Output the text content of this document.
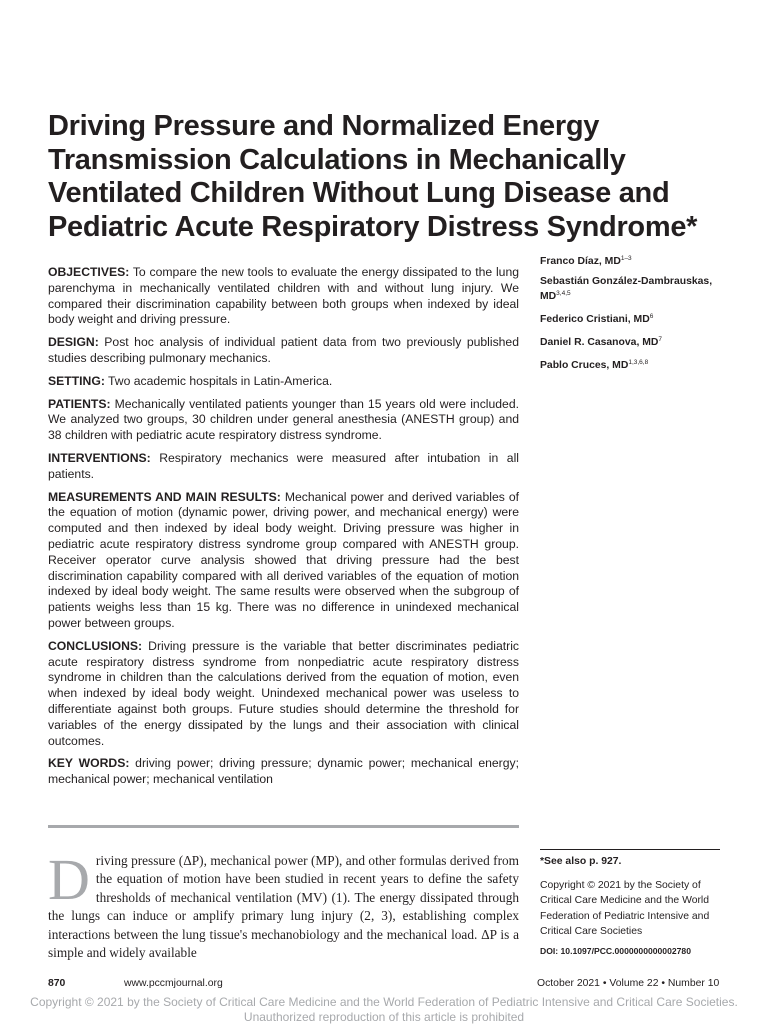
Driving Pressure and Normalized Energy Transmission Calculations in Mechanically Ventilated Children Without Lung Disease and Pediatric Acute Respiratory Distress Syndrome*

OBJECTIVES: To compare the new tools to evaluate the energy dissipated to the lung parenchyma in mechanically ventilated children with and without lung injury. We compared their discrimination capability between both groups when indexed by ideal body weight and driving pressure.

DESIGN: Post hoc analysis of individual patient data from two previously published studies describing pulmonary mechanics.

SETTING: Two academic hospitals in Latin-America.

PATIENTS: Mechanically ventilated patients younger than 15 years old were included. We analyzed two groups, 30 children under general anesthesia (ANESTH group) and 38 children with pediatric acute respiratory distress syndrome.

INTERVENTIONS: Respiratory mechanics were measured after intubation in all patients.

MEASUREMENTS AND MAIN RESULTS: Mechanical power and derived variables of the equation of motion (dynamic power, driving power, and mechanical energy) were computed and then indexed by ideal body weight. Driving pressure was higher in pediatric acute respiratory distress syndrome group compared with ANESTH group. Receiver operator curve analysis showed that driving pressure had the best discrimination capability compared with all derived variables of the equation of motion indexed by ideal body weight. The same results were observed when the subgroup of patients weighs less than 15 kg. There was no difference in unindexed mechanical power between groups.

CONCLUSIONS: Driving pressure is the variable that better discriminates pediatric acute respiratory distress syndrome from nonpediatric acute respiratory distress syndrome in children than the calculations derived from the equation of motion, even when indexed by ideal body weight. Unindexed mechanical power was useless to differentiate against both groups. Future studies should determine the threshold for variables of the energy dissipated by the lungs and their association with clinical outcomes.

KEY WORDS: driving power; driving pressure; dynamic power; mechanical energy; mechanical power; mechanical ventilation

Franco Díaz, MD$^{1-3}$
Sebastián González-Dambrauskas, MD$^{3,4,5}$
Federico Cristiani, $MD^6$
Daniel R. Casanova, $MD^7$
Pablo Cruces, MD$^{1,3,6,8}$
Driving pressure (ΔP), mechanical power (MP), and other formulas derived from the equation of motion have been studied in recent years to define the safety thresholds of mechanical ventilation (MV) (1). The energy dissipated through the lungs can induce or amplify primary lung injury (2, 3), establishing complex interactions between the lung tissue's mechanobiology and the mechanical load. ΔP is a simple and widely available
*See also p. 927.
Copyright © 2021 by the Society of Critical Care Medicine and the World Federation of Pediatric Intensive and Critical Care Societies
DOI: 10.1097/PCC.0000000000002780
870	www.pccmjournal.org	October 2021 • Volume 22 • Number 10
Copyright © 2021 by the Society of Critical Care Medicine and the World Federation of Pediatric Intensive and Critical Care Societies.
Unauthorized reproduction of this article is prohibited
